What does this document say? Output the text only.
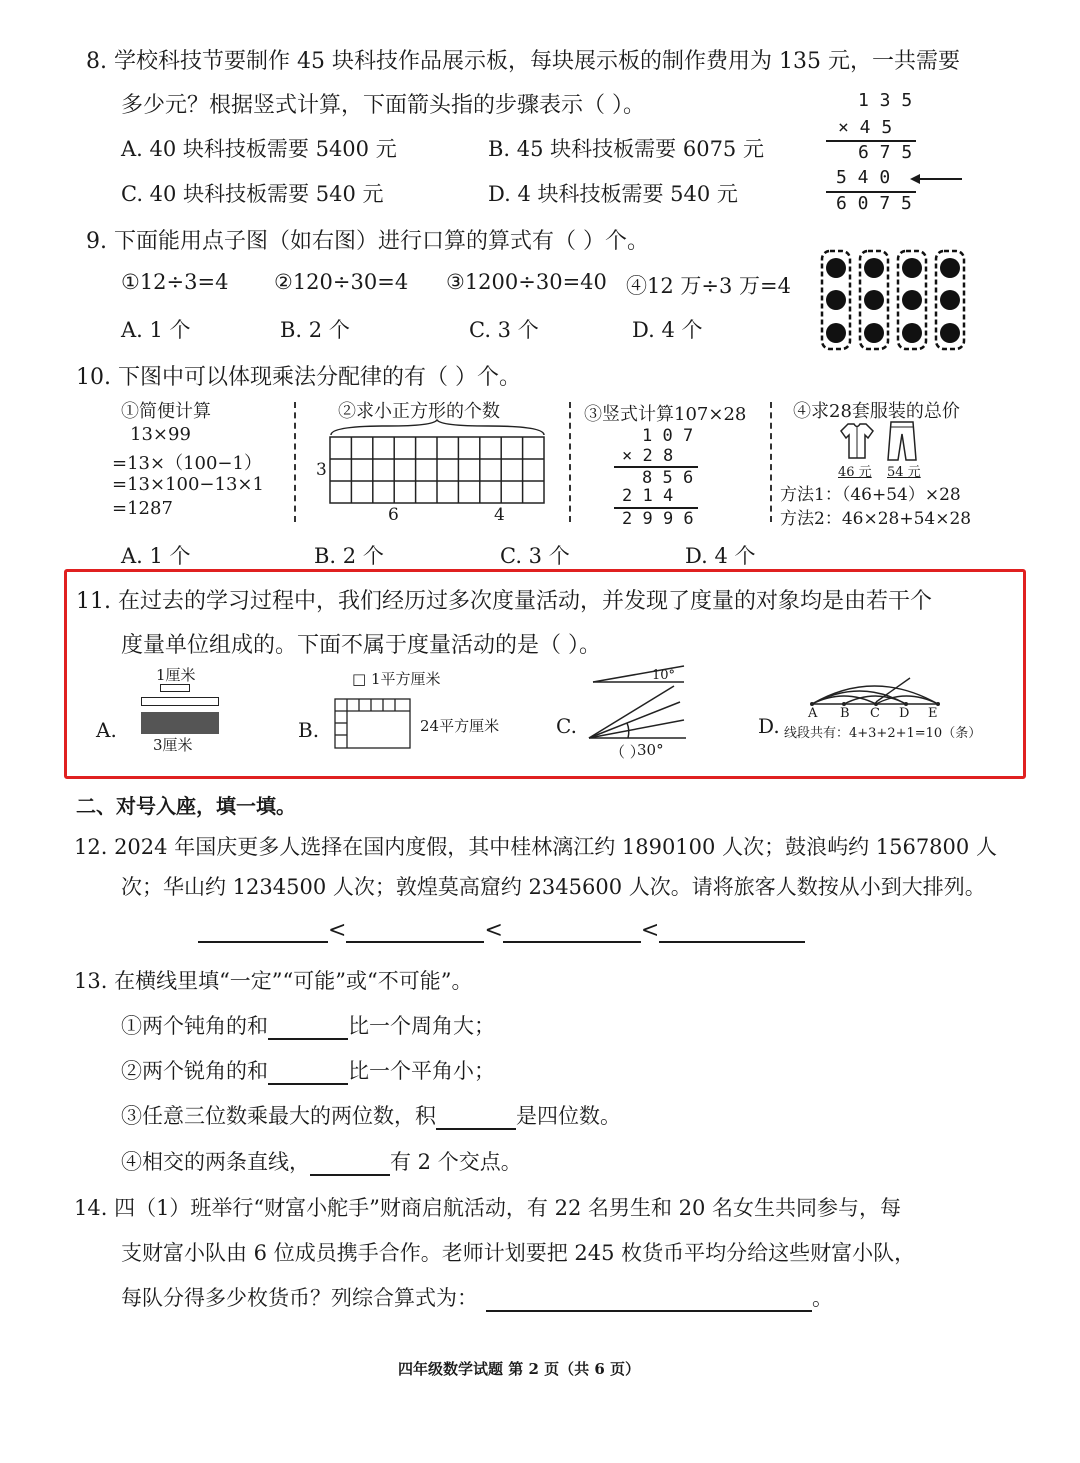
8. 学校科技节要制作 45 块科技作品展示板，每块展示板的制作费用为 135 元，一共需要
多少元？根据竖式计算，下面箭头指的步骤表示（ ）。
A. 40 块科技板需要 5400 元	B. 45 块科技板需要 6075 元
C. 40 块科技板需要 540 元	D. 4 块科技板需要 540 元
1 3 5
× 4 5
6 7 5
5 4 0
6 0 7 5
9. 下面能用点子图（如右图）进行口算的算式有（ ）个。
①12÷3=4 ②120÷30=4 ③1200÷30=40 ④12 万÷3 万=4
A. 1 个	B. 2 个	C. 3 个	D. 4 个
10. 下图中可以体现乘法分配律的有（ ）个。
①简便计算
13×99
=13×（100−1）
=13×100−13×1
=1287
②求小正方形的个数
3
6	4
③竖式计算107×28
1 0 7
× 2 8
8 5 6
2 1 4
2 9 9 6
④求28套服装的总价
46 元 54 元
方法1：（46+54）×28
方法2：46×28+54×28
A. 1 个	B. 2 个	C. 3 个	D. 4 个
11. 在过去的学习过程中，我们经历过多次度量活动，并发现了度量的对象均是由若干个
度量单位组成的。下面不属于度量活动的是（ ）。
A.
1厘米
3厘米
B.
□ 1平方厘米
24平方厘米	C.
10°
（ ）
30°
D.
A B C D E
线段共有：4+3+2+1=10（条）
二、对号入座，填一填。
12. 2024 年国庆更多人选择在国内度假，其中桂林漓江约 1890100 人次；鼓浪屿约 1567800 人
次；华山约 1234500 人次；敦煌莫高窟约 2345600 人次。请将旅客人数按从小到大排列。
<	<	<
13. 在横线里填“一定”“可能”或“不可能”。
①两个钝角的和	比一个周角大；
②两个锐角的和	比一个平角小；
③任意三位数乘最大的两位数，积	是四位数。
④相交的两条直线，	有 2 个交点。
14. 四（1）班举行“财富小舵手”财商启航活动，有 22 名男生和 20 名女生共同参与，每
支财富小队由 6 位成员携手合作。老师计划要把 245 枚货币平均分给这些财富小队，
每队分得多少枚货币？列综合算式为：	。
四年级数学试题 第 2 页（共 6 页）
